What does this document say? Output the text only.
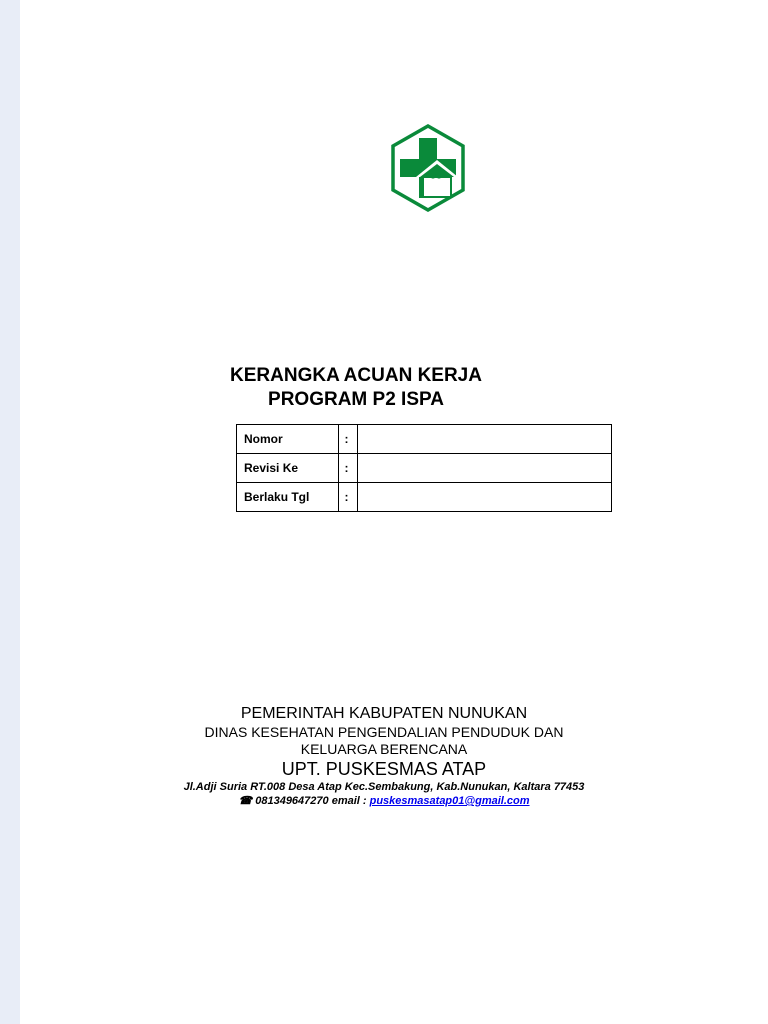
KERANGKA ACUAN KERJA
PROGRAM P2 ISPA
Nomor	:	
Revisi Ke	:	
Berlaku Tgl	:	
PEMERINTAH KABUPATEN NUNUKAN
DINAS KESEHATAN PENGENDALIAN PENDUDUK DAN
KELUARGA BERENCANA
UPT. PUSKESMAS ATAP
Jl.Adji Suria RT.008 Desa Atap Kec.Sembakung, Kab.Nunukan, Kaltara 77453
☎ 081349647270 email : puskesmasatap01@gmail.com
